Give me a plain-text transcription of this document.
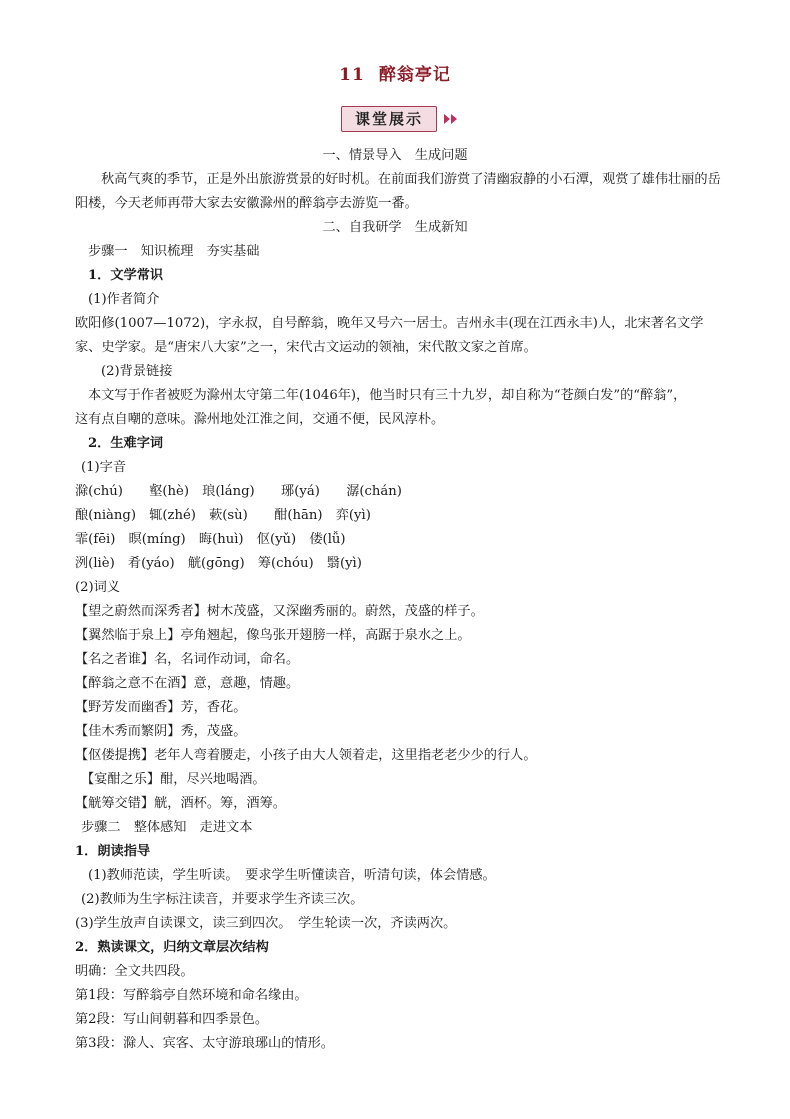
11 醉翁亭记
课堂展示
一、情景导入　生成问题
秋高气爽的季节，正是外出旅游赏景的好时机。在前面我们游赏了清幽寂静的小石潭，观赏了雄伟壮丽的岳
阳楼，今天老师再带大家去安徽滁州的醉翁亭去游览一番。
二、自我研学　生成新知
步骤一　知识梳理　夯实基础
1．文学常识
(1)作者简介
欧阳修(1007—1072)，字永叔，自号醉翁，晚年又号六一居士。吉州永丰(现在江西永丰)人，北宋著名文学
家、史学家。是“唐宋八大家”之一，宋代古文运动的领袖，宋代散文家之首席。
(2)背景链接
本文写于作者被贬为滁州太守第二年(1046年)，他当时只有三十九岁，却自称为“苍颜白发”的“醉翁”，
这有点自嘲的意味。滁州地处江淮之间，交通不便，民风淳朴。
2．生难字词
(1)字音
滁(chú)　　壑(hè)　琅(láng)　　琊(yá)　　潺(chán)
酿(niàng)　辄(zhé)　蔌(sù)　　酣(hān)　弈(yì)
霏(fēi)　暝(míng)　晦(huì)　伛(yǔ)　偻(lǚ)
洌(liè)　肴(yáo)　觥(gōng)　筹(chóu)　翳(yì)
(2)词义
【望之蔚然而深秀者】树木茂盛，又深幽秀丽的。蔚然，茂盛的样子。
【翼然临于泉上】亭角翘起，像鸟张开翅膀一样，高踞于泉水之上。
【名之者谁】名，名词作动词，命名。
【醉翁之意不在酒】意，意趣，情趣。
【野芳发而幽香】芳，香花。
【佳木秀而繁阴】秀，茂盛。
【伛偻提携】老年人弯着腰走，小孩子由大人领着走，这里指老老少少的行人。
【宴酣之乐】酣，尽兴地喝酒。
【觥筹交错】觥，酒杯。筹，酒筹。
步骤二　整体感知　走进文本
1．朗读指导
(1)教师范读，学生听读。　要求学生听懂读音，听清句读，体会情感。
(2)教师为生字标注读音，并要求学生齐读三次。
(3)学生放声自读课文，读三到四次。　学生轮读一次，齐读两次。
2．熟读课文，归纳文章层次结构
明确：全文共四段。
第1段：写醉翁亭自然环境和命名缘由。
第2段：写山间朝暮和四季景色。
第3段：滁人、宾客、太守游琅琊山的情形。
